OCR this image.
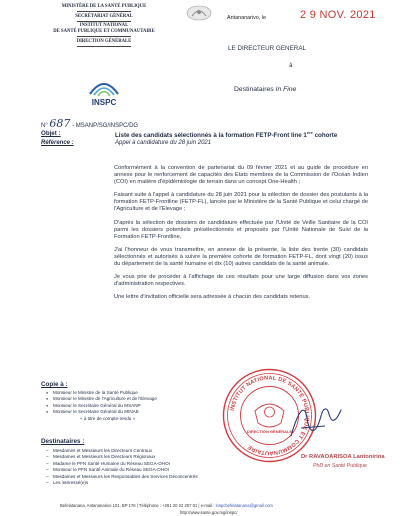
MINISTÈRE DE LA SANTÉ PUBLIQUE
SECRÉTARIAT GÉNÉRAL
INSTITUT NATIONAL
DE SANTÉ PUBLIQUE ET COMMUNAUTAIRE
DIRECTION GÉNÉRALE
INSPC
Antananarivo, le	2 9 NOV. 2021
LE DIRECTEUR GENERAL
à
Destinataires In Fine
N° 687 - MSANP/SG/INSPC/DG
Objet :	Liste des candidats sélectionnés à la formation FETP-Front line 1ère cohorte
Référence :	Appel à candidature du 28 juin 2021

Conformément à la convention de partenariat du 09 février 2021 et au guide de procédure en annexe pour le renforcement de capacités des Etats membres de la Commission de l'Océan Indien (COI) en matière d'épidémiologie de terrain dans un concept One-Health ;

Faisant suite à l'appel à candidature du 28 juin 2021 pour la sélection de dossier des postulants à la formation FETP-Frontline (FETP-FL), lancée par le Ministère de la Santé Publique et celui chargé de l'Agriculture et de l'Elevage ;

D'après la sélection de dossiers de candidature effectuée par l'Unité de Veille Sanitaire de la COI parmi les dossiers potentiels présélectionnés et proposés par l'Unité Nationale de Suivi de la Formation FETP-Frontline,

J'ai l'honneur de vous transmettre, en annexe de la présente, la liste des trente (30) candidats sélectionnés et autorisés à suivre la première cohorte de formation FETP-FL, dont vingt (20) issus du département de la santé humaine et dix (10) autres candidats de la santé animale.

Je vous prie de procéder à l'affichage de ces résultats pour une large diffusion dans vos zones d'administration respectives.

Une lettre d'invitation officielle sera adressée à chacun des candidats retenus.

INSTITUT NATIONAL DE SANTÉ PUBLIQUE ET COMMUNAUTAIRE
DIRECTION GÉNÉRALE
Dr RAVAOARISOA Lantonirina
PhD en Santé Publique
Copie à :
● Monsieur le Ministre de la Santé Publique
● Monsieur le Ministre de l'Agriculture et de l'Elevage
● Monsieur le Secrétaire Général du MSANP
● Monsieur le Secrétaire Général du MINAE
« à titre de compte-rendu »
Destinataires :
– Mesdames et Messieurs les Directeurs Centraux
– Mesdames et Messieurs les Directeurs Régionaux
– Madame le PFN Santé Humaine du Réseau SEGA-OHOI
– Monsieur le PFN Santé Animale du Réseau SEGA-OHOI
– Mesdames et Messieurs les Responsables des Services Déconcentrés
– Les intéressé(e)s
Befelatanana, Antananarivo 101, BP 176 | Téléphone : +261 20 22 257 01 | e-mail : inspcbefelatanana@gmail.com
http://www.sante.gov.mg/inspc/
